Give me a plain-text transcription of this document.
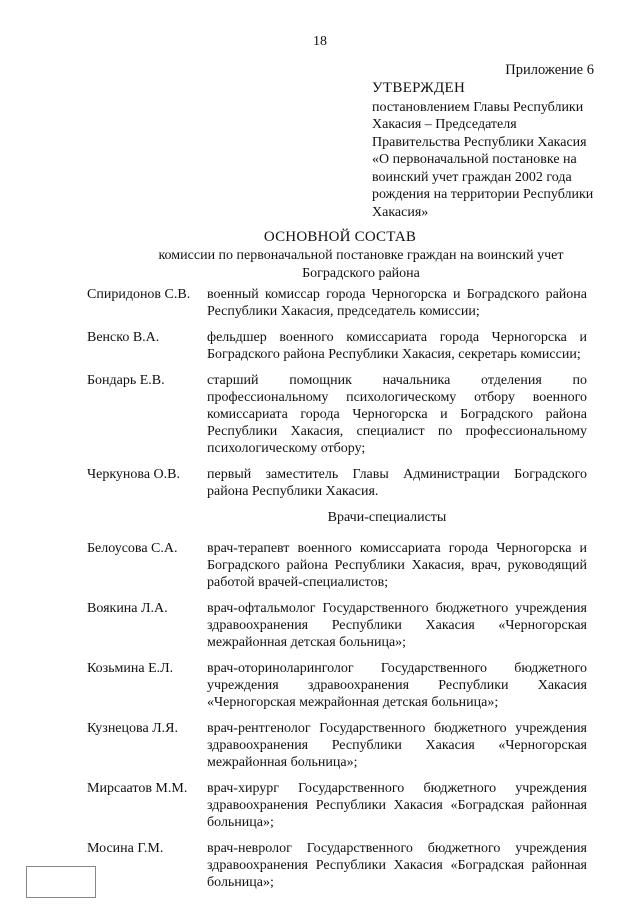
18
Приложение 6
УТВЕРЖДЕН
постановлением Главы Республики Хакасия – Председателя Правительства Республики Хакасия «О первоначальной постановке на воинский учет граждан 2002 года рождения на территории Республики Хакасия»
ОСНОВНОЙ СОСТАВ
комиссии по первоначальной постановке граждан на воинский учет Боградского района
Спиридонов С.В.	военный комиссар города Черногорска и Боградского района Республики Хакасия, председатель комиссии;
Венско В.А.	фельдшер военного комиссариата города Черногорска и Боградского района Республики Хакасия, секретарь комиссии;
Бондарь Е.В.	старший помощник начальника отделения по профессиональному психологическому отбору военного комиссариата города Черногорска и Боградского района Республики Хакасия, специалист по профессиональному психологическому отбору;
Черкунова О.В.	первый заместитель Главы Администрации Боградского района Республики Хакасия.
Врачи-специалисты
Белоусова С.А.	врач-терапевт военного комиссариата города Черногорска и Боградского района Республики Хакасия, врач, руководящий работой врачей-специалистов;
Воякина Л.А.	врач-офтальмолог Государственного бюджетного учреждения здравоохранения Республики Хакасия «Черногорская межрайонная детская больница»;
Козьмина Е.Л.	врач-оториноларинголог Государственного бюджетного учреждения здравоохранения Республики Хакасия «Черногорская межрайонная детская больница»;
Кузнецова Л.Я.	врач-рентгенолог Государственного бюджетного учреждения здравоохранения Республики Хакасия «Черногорская межрайонная больница»;
Мирсаатов М.М.	врач-хирург Государственного бюджетного учреждения здравоохранения Республики Хакасия «Боградская районная больница»;
Мосина Г.М.	врач-невролог Государственного бюджетного учреждения здравоохранения Республики Хакасия «Боградская районная больница»;
